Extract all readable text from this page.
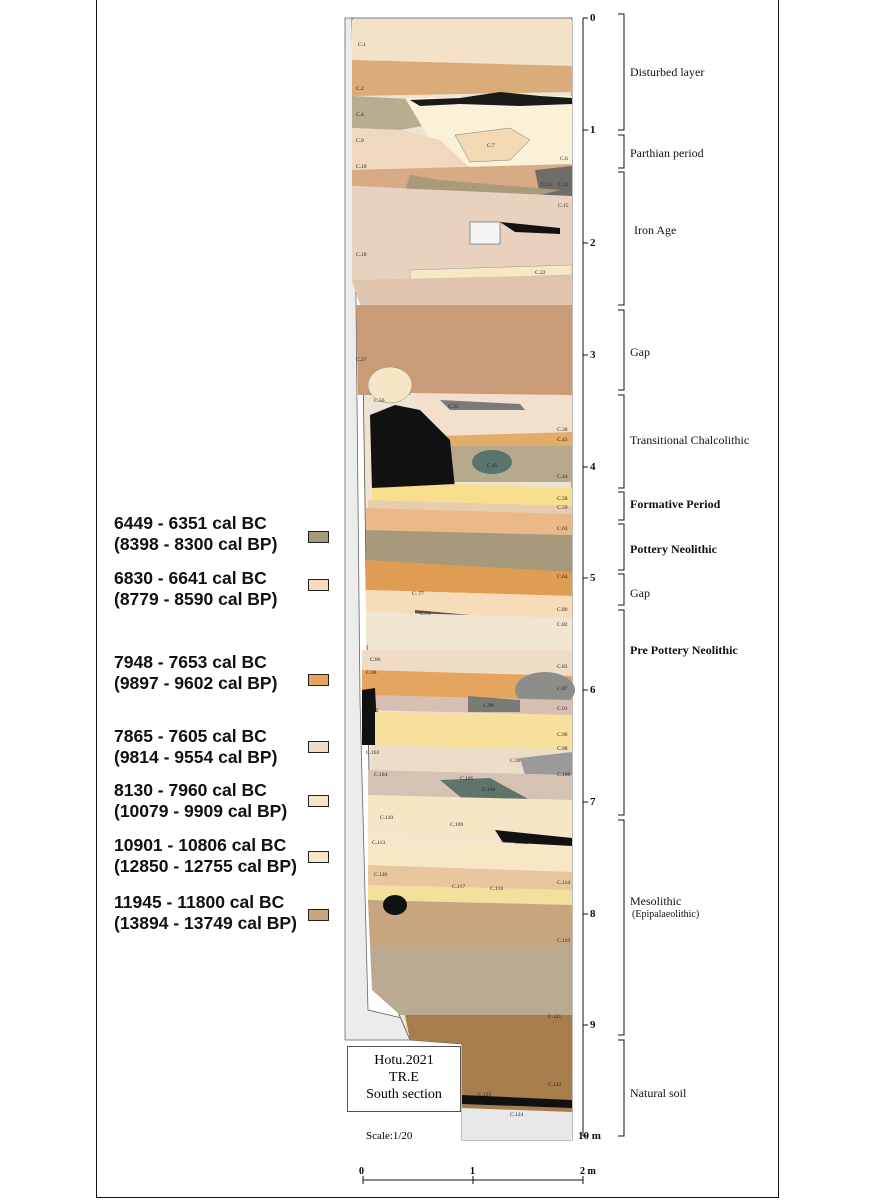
C.1
C.2
C.4
C.5
C.7
C.6
C.9
C.10
C.11
C.13
C.15
C.16
C.18
C.22
C.27
C.56
C.31
C.30
C.43
C.45
C.44
C.58
C.59
C.63
C.64
C. 77
C.79
C.80
C.82
C.86
C.83
C.87
C.88
C.90	C.91
C.92
C.96
C.98
C.99
C.100
C.103
C.104
C.105
C.106
C.109
C.110
C.112
C.113
C.114
C.116
C.117
C.119
C.120
C.121
C.122
C.123
C.124
6449 - 6351 cal BC
(8398 - 8300 cal BP)
6830 - 6641 cal BC
(8779 - 8590 cal BP)
7948 - 7653 cal BC
(9897 - 9602 cal BP)
7865 - 7605 cal BC
(9814 - 9554 cal BP)
8130 - 7960 cal BC
(10079 - 9909 cal BP)
10901 - 10806 cal BC
(12850 - 12755 cal BP)
11945 - 11800 cal BC
(13894 - 13749 cal BP)
Disturbed layer
Parthian period
Iron Age
Gap
Transitional Chalcolithic
Formative Period
Pottery Neolithic
Gap
Pre Pottery Neolithic
Mesolithic
(Epipalaeolithic)
Natural soil
0
1
2
3
4
5
6
7
8
9
10 m
Hotu.2021
TR.E
South section
Scale:1/20
0	1	2 m
